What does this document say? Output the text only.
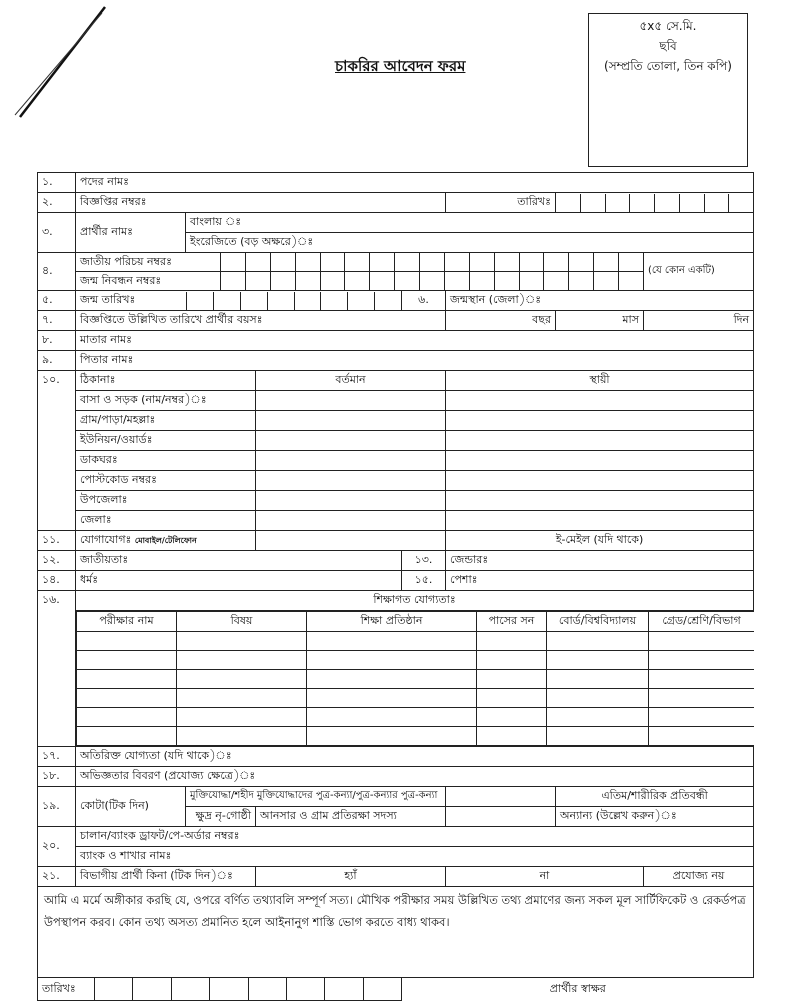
চাকরির আবেদন ফরম
৫x৫ সে.মি.
ছবি
(সম্প্রতি তোলা, তিন কপি)
১.	পদের নামঃ
২.	বিজ্ঞপ্তির নম্বরঃ	তারিখঃ	

৩.	প্রার্থীর নামঃ	বাংলায় ঃ
ইংরেজিতে (বড় অক্ষরে)ঃ
৪.	
জাতীয় পরিচয় নম্বরঃ
	(যে কোন একটি)

জন্ম নিবন্ধন নম্বরঃ

৫.	জন্ম তারিখঃ	৬.	জন্মস্থান (জেলা)ঃ
৭.	বিজ্ঞপ্তিতে উল্লিখিত তারিখে প্রার্থীর বয়সঃ	বছর	মাস	দিন
৮.	মাতার নামঃ
৯.	পিতার নামঃ
১০.	ঠিকানাঃ	বর্তমান	স্থায়ী
বাসা ও সড়ক (নাম/নম্বর)ঃ		
গ্রাম/পাড়া/মহল্লাঃ		
ইউনিয়ন/ওয়ার্ডঃ		
ডাকঘরঃ		
পোস্টকোড নম্বরঃ		
উপজেলাঃ		
জেলাঃ		
১১.	যোগাযোগঃ মোবাইল/টেলিফোন		ই-মেইল (যদি থাকে)
১২.	জাতীয়তাঃ	১৩.	জেন্ডারঃ
১৪.	ধর্মঃ	১৫.	পেশাঃ
১৬.	শিক্ষাগত যোগ্যতাঃ

পরীক্ষার নাম	বিষয়	শিক্ষা প্রতিষ্ঠান	পাসের সন	বোর্ড/বিশ্ববিদ্যালয়	গ্রেড/শ্রেণি/বিভাগ

১৭.	অতিরিক্ত যোগ্যতা (যদি থাকে)ঃ
১৮.	অভিজ্ঞতার বিবরণ (প্রযোজ্য ক্ষেত্রে)ঃ
১৯.	কোটা(টিক দিন)	মুক্তিযোদ্ধা/শহীদ মুক্তিযোদ্ধাদের পুত্র-কন্যা/পুত্র-কন্যার পুত্র-কন্যা		এতিম/শারীরিক প্রতিবন্ধী
ক্ষুদ্র নৃ-গোষ্ঠী	আনসার ও গ্রাম প্রতিরক্ষা সদস্য		অন্যান্য (উল্লেখ করুন)ঃ
২০.	চালান/ব্যাংক ড্রাফট/পে-অর্ডার নম্বরঃ
ব্যাংক ও শাখার নামঃ
২১.	বিভাগীয় প্রার্থী কিনা (টিক দিন)ঃ	হ্যাঁ	না	প্রযোজ্য নয়
আমি এ মর্মে অঙ্গীকার করছি যে, ওপরে বর্ণিত তথ্যাবলি সম্পূর্ণ সত্য। মৌখিক পরীক্ষার সময় উল্লিখিত তথ্য প্রমাণের জন্য সকল মূল সার্টিফিকেট ও রেকর্ডপত্র উপস্থাপন করব। কোন তথ্য অসত্য প্রমানিত হলে আইনানুগ শাস্তি ভোগ করতে বাধ্য থাকব।

তারিখঃ	প্রার্থীর স্বাক্ষর
